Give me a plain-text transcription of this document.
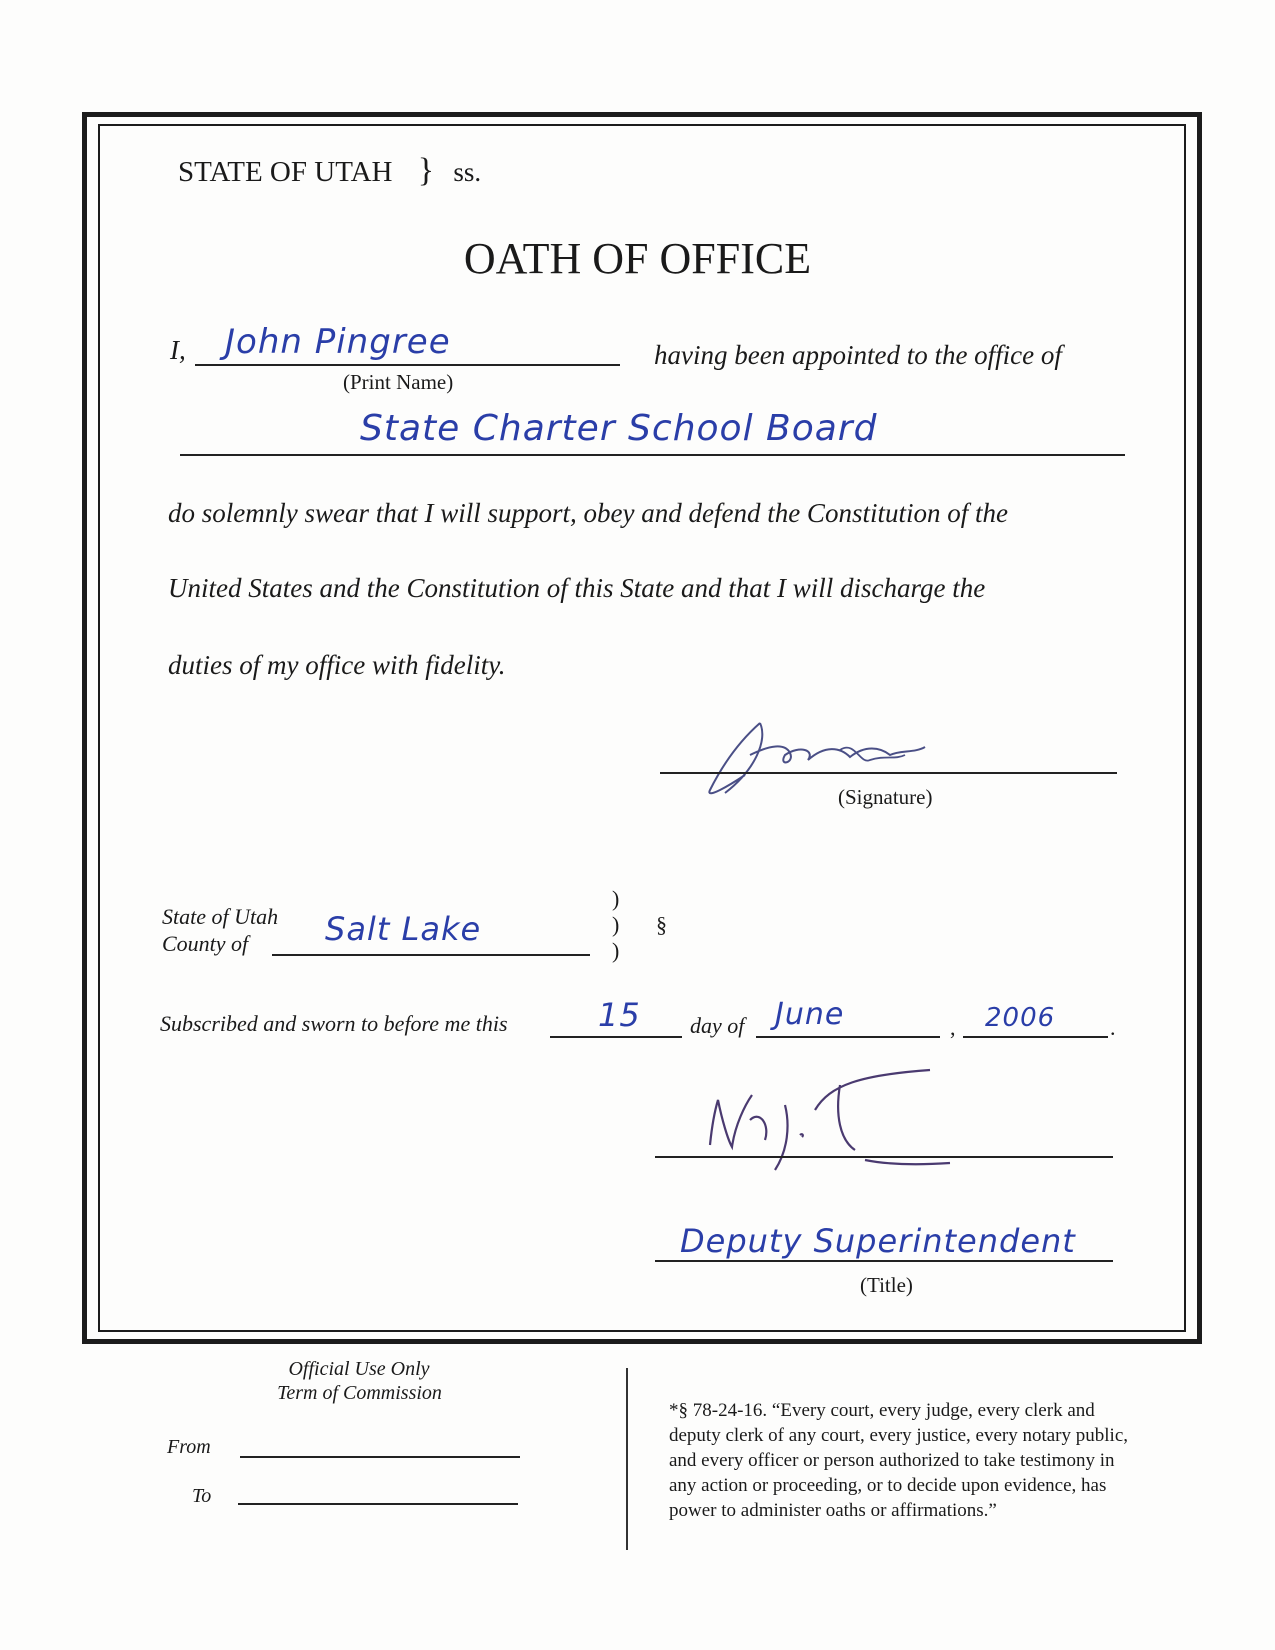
STATE OF UTAH } ss.
OATH OF OFFICE
I, John Pingree
(Print Name)
having been appointed to the office of
State Charter School Board
do solemnly swear that I will support, obey and defend the Constitution of the
United States and the Constitution of this State and that I will discharge the
duties of my office with fidelity.
(Signature)
State of Utah
County of Salt Lake
)
)
)
§
Subscribed and sworn to before me this	15 day of June	, 2006 .
Deputy Superintendent
(Title)
Official Use Only
Term of Commission
From
To
*§ 78-24-16. “Every court, every judge, every clerk and
deputy clerk of any court, every justice, every notary public,
and every officer or person authorized to take testimony in
any action or proceeding, or to decide upon evidence, has
power to administer oaths or affirmations.”
